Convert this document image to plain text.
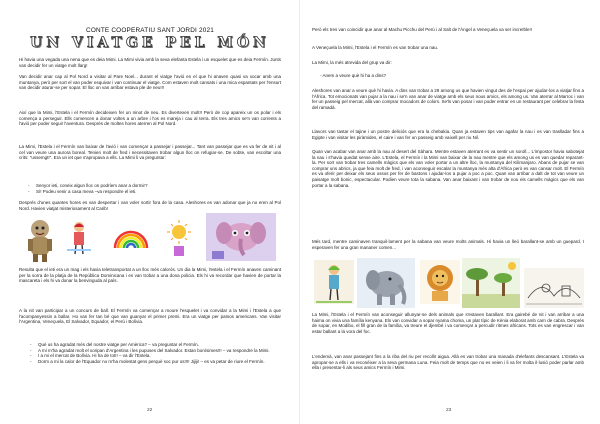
CONTE COOPERATIU SANT JORDI 2021
UN VIATGE PEL MÓN
Hi havia una vegada una nena que es deia Mimi. La Mimi vivia amb la seva elefanta Estela i un esquelet que es deia Fermín. Junts van decidir fer un viatge molt llarg!
Van decidir anar cap al Pol Nord a visitar al Pare Noel... durant el viatge l'avió en el que hi anaven quasi va xocar amb una muntanya, però per sort el van poder esquivar i van continuar el viatge. Com estaven molt cansats i una mica espantats per l'ensurt van decidir aturar-se per sopar. El lloc on van arribar estava ple de neu!!!
Així que la Mimi, l'Estela i el Fermín decideixen fer un ninot de neu. Es divertexen molt!! Però de cop apareix un os polar i els comença a perseguir. Ells comencen a donar voltes a un arbre i l'os es mareja i cau al terra. Els tres amics se'n van corrents a l'avió per poder seguir l'aventura. Després de moltes hores aterren al Pol Nord.
La Mimi, l'Estela i el Fermín van baixar de l'avió i van començar a passejar i passejar... Tant van passejar que es va fer de nit i al cel van veure una aurora boreal. Tenien molt de fred i necessitaven trobar algun lloc on refugiar-se. De sobte, van escoltar una crits: "ussemgt!". Era un iet que s'apropava a ells. La Mimi li va preguntar:
- Senyor ieti, coneix algun lloc on podríem anar a dormir?
- Sí! Podeu venir a casa meva –va respondre el ieti.
Després d'unes quantes hores es van despertar i van voler sortir fora de la casa. Aleshores es van adonar que ja no eren al Pol Nord. Havien viatjat misteriosament al Carib!
Resulta que el ieti era un mag i els havia teletransportat a un lloc més calorós. Un dia la Mimi, l'estela i el Fermín anaven caminant per la sorra de la platja de la República Dominicana i es van trobar a una dona policia. Els hi va recordar que havien de portar la mascareta i els hi va donar la benvinguda al país.
A la nit van participar a un concurs de ball. El Fermín va començar a moure l'esquelet i va convidar a la Mimi i l'Estela a que l'acompanyessin a ballar. Ho van fer tan bé que van guanyar el primer premi. Era un viatge per països americans. Van visitar l'Argentina, Veneçuela, El Salvador, Equador, el Perú i Bolívia.
- Què us ha agradat més del nostre viatge per Amèrica? – va preguntar el Fermín.
- A mi m'ha agradat molt el xoripan d'Argentina i les pupuses del Salvador. Estan bonísimes!!! – va respondre la Mimi.
- I a mi el mercat de Bolívia. Hi ha de tot!! – va dir l'Estela.
- Dorm a mi la calor de l'Equador no m'ha molestat gens perquè soc pur os!!!! Jijiji! – es va petar de riure el Fermín.
22
Però els tres van coincidir que anar al Machu Picchu del Perú i al Salt de l'Àngel a Veneçuela va ser increïble!!
A Veneçuela la Mimi, l'Estela i el Fermín es van trobar una nau.
La Mimi, la més atrevida del grup va dir:
- Anem a veure què hi ha a dins?
Aleshores van anar a veure què hi havia. A dins van trobar a 29 among us que havien vingut des de l'espai per ajudar-los a viatjar fins a l'Àfrica. Tot emocionats van pujar a la nau i se'n van anar de viatge amb els seus nous amics, els among us. Van aterrar al Marroc i van fer un passeig pel mercat, allà van comprar mocadors de colors. Se'ls van posar i van poder entrar en un restaurant per celebrar la festa del ramadà.
Llavors van tastar el tajine i un postre deliciós que era la chebakia. Quan ja estaven tips van agafar la nau i es van traslladar fins a Egipte i van visitar les piràmides, el caire i van fer un passeig amb vaixell per riu Nil.
Quan van acabar van anar amb la nau al desert del Sàhara. Mentre estaven aterrant es va sentir un soroll... L'impostor havia sabotejat la nau i s'havia quedat sense aire. L'Estela, el Fermín i la Mimi van baixar de la nau mentre que els among us es van quedar reparant-la. Per sort van trobar tres camells màgics que els van voler portar a un altre lloc, la muntanya del Kilimanjaro. Abans de pujar se van comprar uns abrics, ja que feia molt de fred, i van aconseguir escalar la muntanya més alta d'Àfrica però es van cansar molt. El Fermín es va oferir per deixar els seus ossos per fer de bastons i ajudar-los a pujar a poc a poc. Quan van arribar a dalt de tot van veure un paisatge molt bonic, espectacular. Podien veure tota la sabana. Van anar baixant i van trobar de nou els camells màgics que els van portar a la sabana.
Més tard, mentre caminaven tranquil·lament per la sabana van veure molts animals. Hi havia un lleó barallant-se amb un guepard. I esperaven fer una gran mananer comen...
La Mimi, l'Estela i el Fermín van aconseguir allunyar-se dels animals que s'estaven barallant. Era gairebé de nit i van arribar a una haima on vivia una família kenyana. Els van convidar a sopar nyama choma, un plat típic de Kènia elaborat amb carn de cabra. Després de sopar, en Modibo, el fill gran de la família, va treure el djembé i va començar a percudir ritmes africans. Tots es van engrescar i van estar ballant a la vora del foc.
L'endemà, van anar passejant fins a la riba del riu per recollir aigua. Allà es van trobar una manada d'elefants descansant. L'Estela va apropar-se a ells i va reconèixer a la seva germana Luna. Feia molt de temps que no es veien i li va fer molta il·lusió poder parlar amb ella i presentar-li als seus amics Fermín i Mimi.
23
